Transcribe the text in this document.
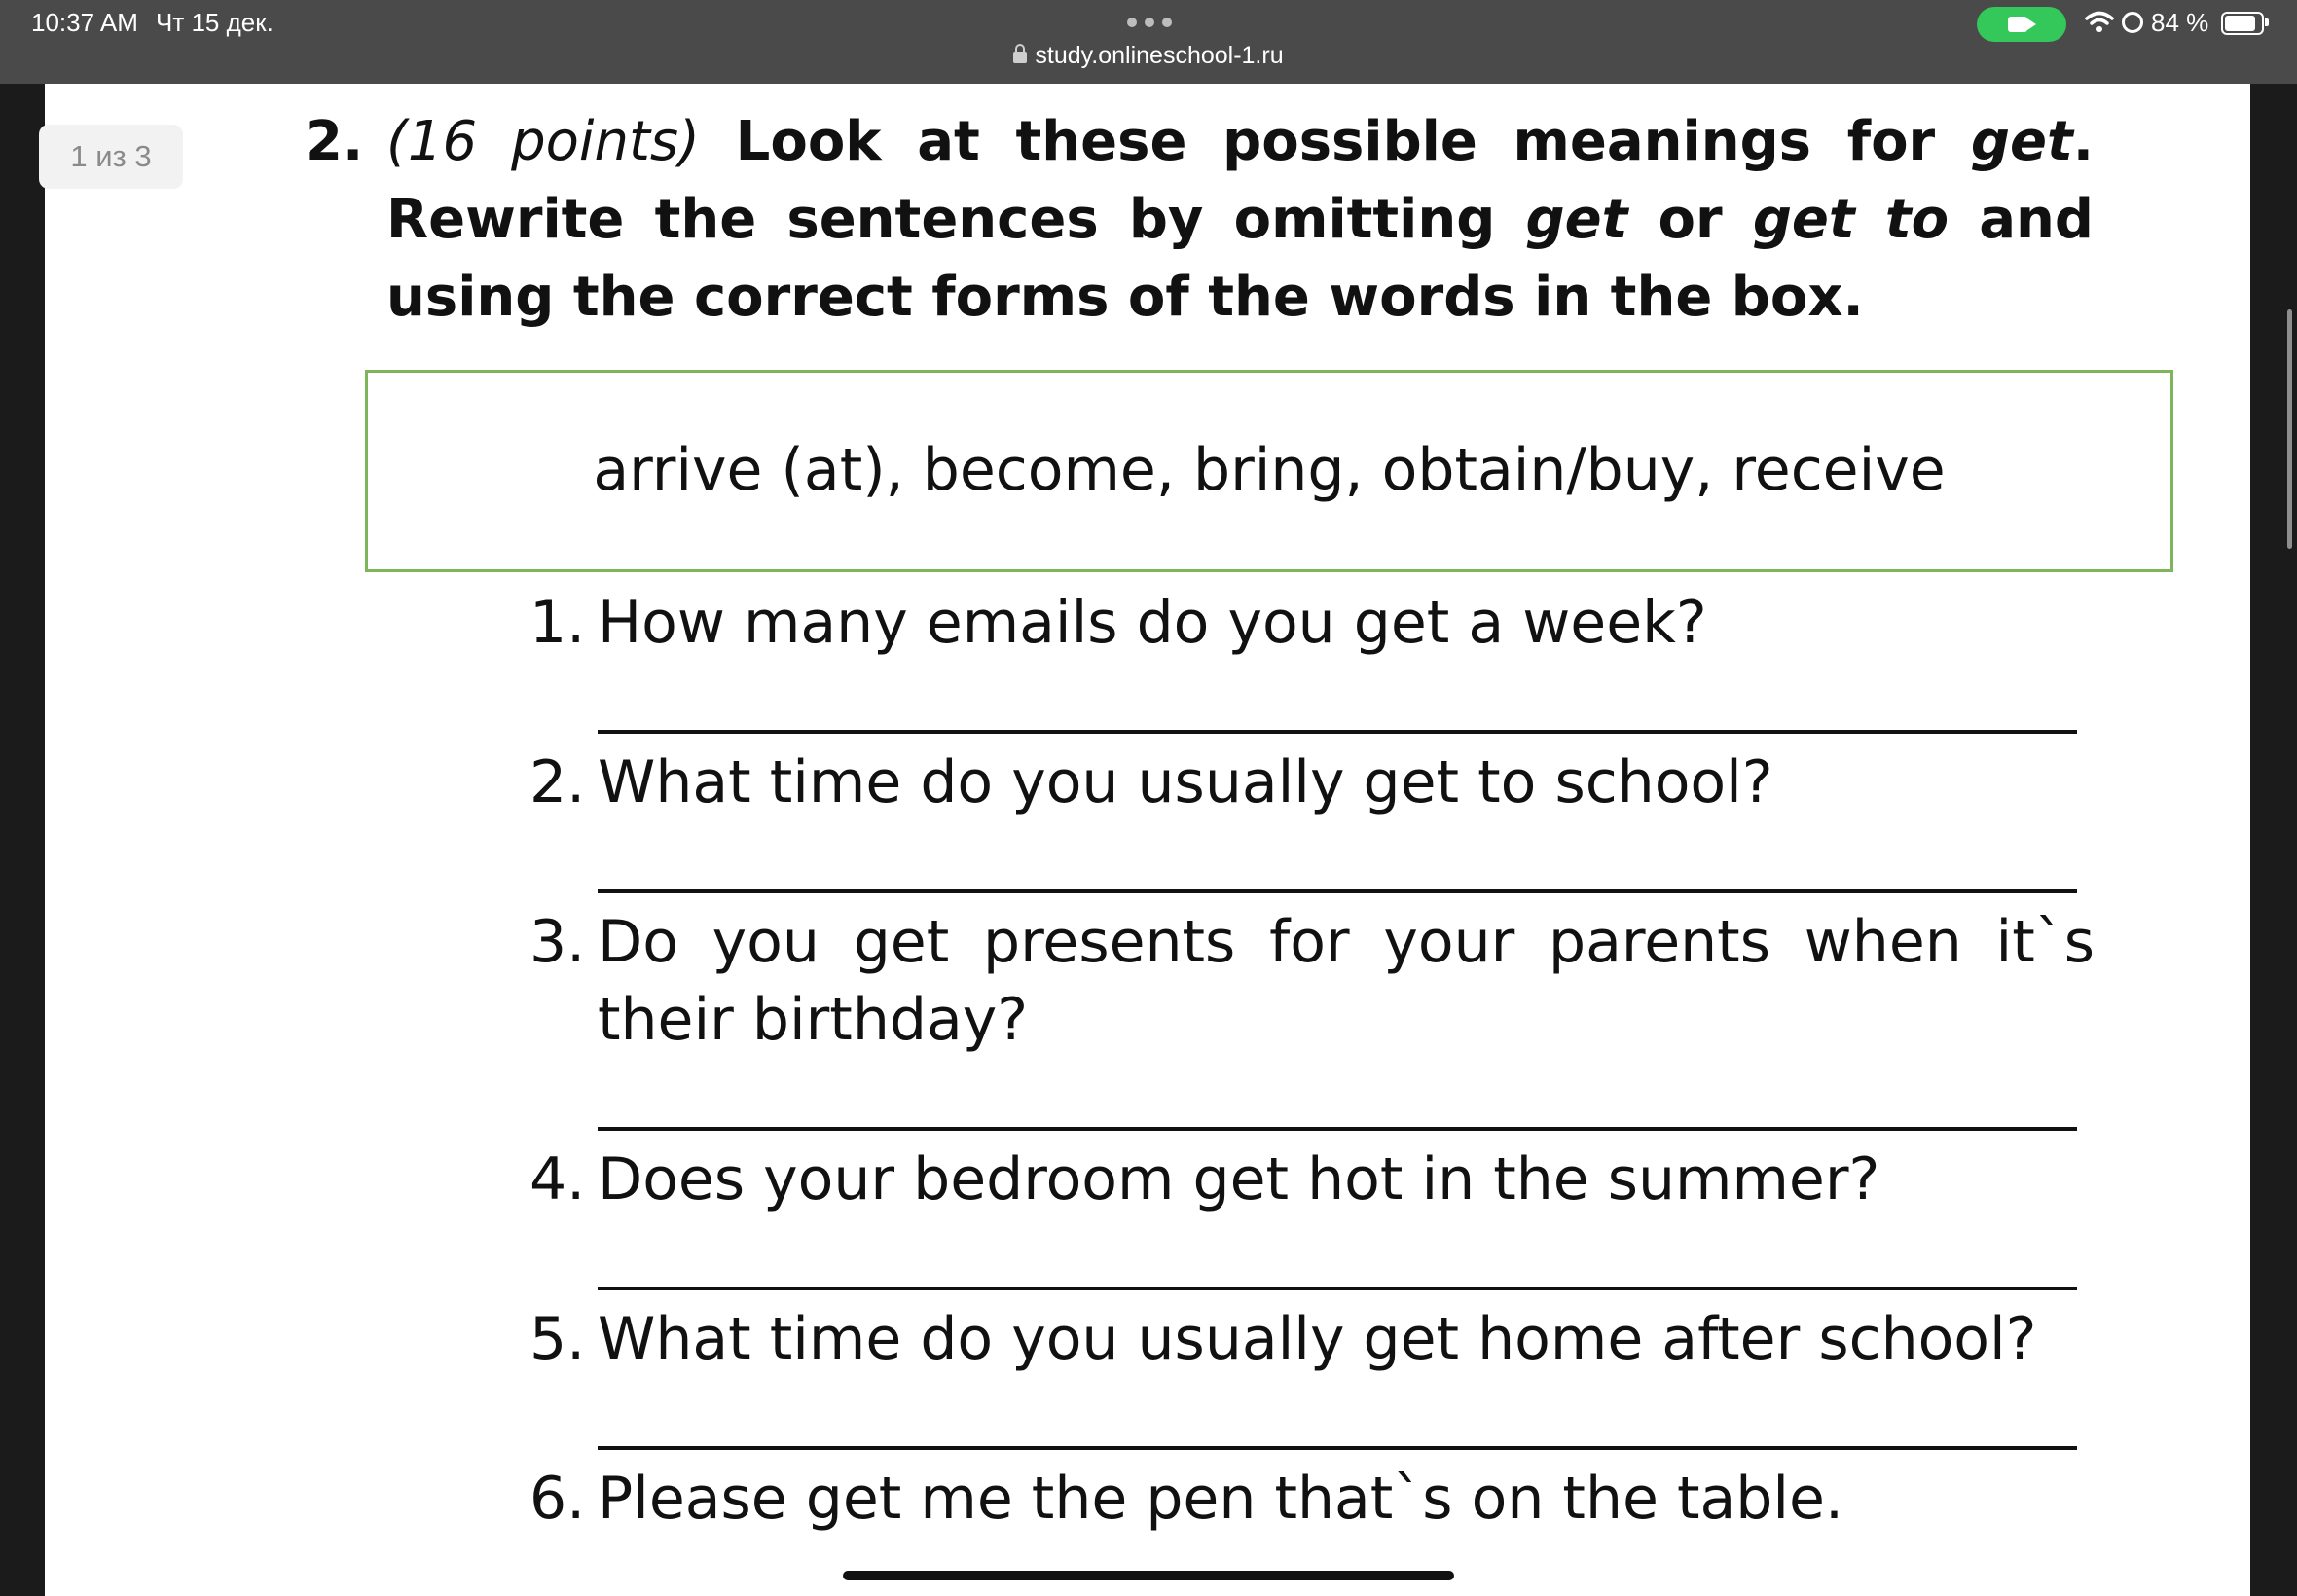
10:37 AM Чт 15 дек.
study.onlineschool-1.ru
84 %
1 из 3	2. (16 points) Look at these possible meanings for get. Rewrite the sentences by omitting get or get to and using the correct forms of the words in the box.
arrive (at), become, bring, obtain/buy, receive
1. How many emails do you get a week?
2. What time do you usually get to school?
3. Do you get presents for your parents when it`s their birthday?
4. Does your bedroom get hot in the summer?
5. What time do you usually get home after school?
6. Please get me the pen that`s on the table.
